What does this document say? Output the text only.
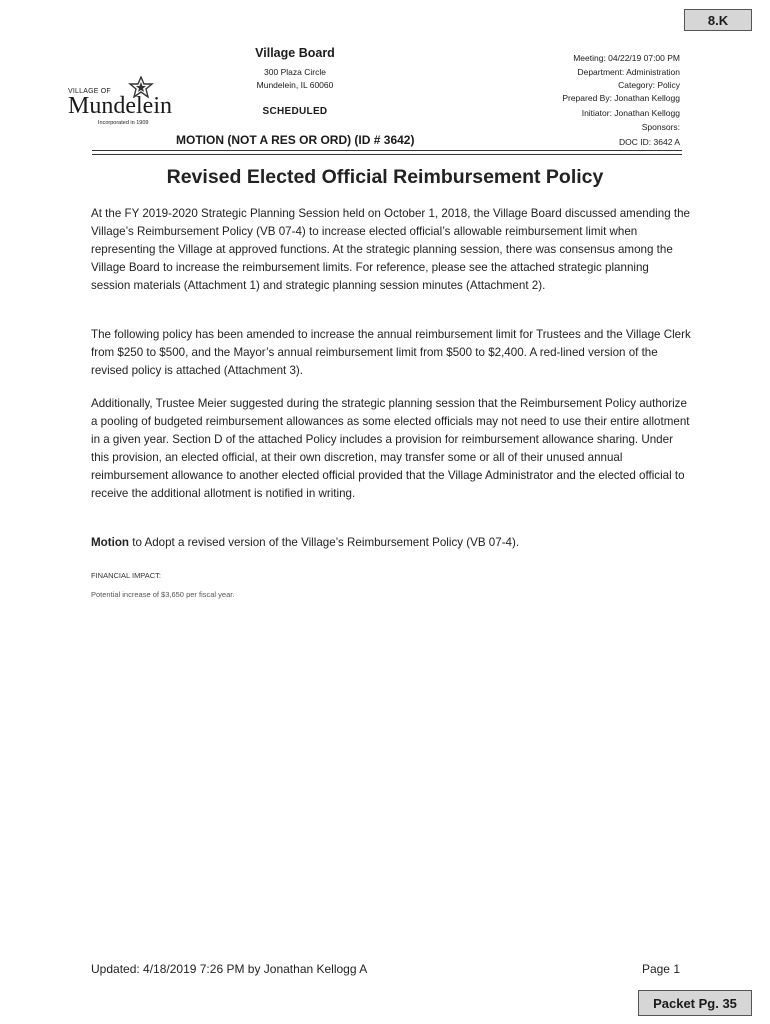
8.K
VILLAGE OF
Mundelein
Incorporated in 1909
Village Board
300 Plaza Circle
Mundelein, IL 60060
SCHEDULED
Meeting: 04/22/19 07:00 PM
Department: Administration
Category: Policy
Prepared By: Jonathan Kellogg
Initiator: Jonathan Kellogg
Sponsors:
DOC ID: 3642 A
MOTION (NOT A RES OR ORD) (ID # 3642)
Revised Elected Official Reimbursement Policy
At the FY 2019-2020 Strategic Planning Session held on October 1, 2018, the Village Board discussed amending the Village’s Reimbursement Policy (VB 07-4) to increase elected official’s allowable reimbursement limit when representing the Village at approved functions. At the strategic planning session, there was consensus among the Village Board to increase the reimbursement limits. For reference, please see the attached strategic planning session materials (Attachment 1) and strategic planning session minutes (Attachment 2).
The following policy has been amended to increase the annual reimbursement limit for Trustees and the Village Clerk from $250 to $500, and the Mayor’s annual reimbursement limit from $500 to $2,400. A red-lined version of the revised policy is attached (Attachment 3).
Additionally, Trustee Meier suggested during the strategic planning session that the Reimbursement Policy authorize a pooling of budgeted reimbursement allowances as some elected officials may not need to use their entire allotment in a given year. Section D of the attached Policy includes a provision for reimbursement allowance sharing. Under this provision, an elected official, at their own discretion, may transfer some or all of their unused annual reimbursement allowance to another elected official provided that the Village Administrator and the elected official to receive the additional allotment is notified in writing.
Motion to Adopt a revised version of the Village’s Reimbursement Policy (VB 07-4).
FINANCIAL IMPACT:
Potential increase of $3,650 per fiscal year.
Updated: 4/18/2019 7:26 PM by Jonathan Kellogg A	Page 1
Packet Pg. 35
